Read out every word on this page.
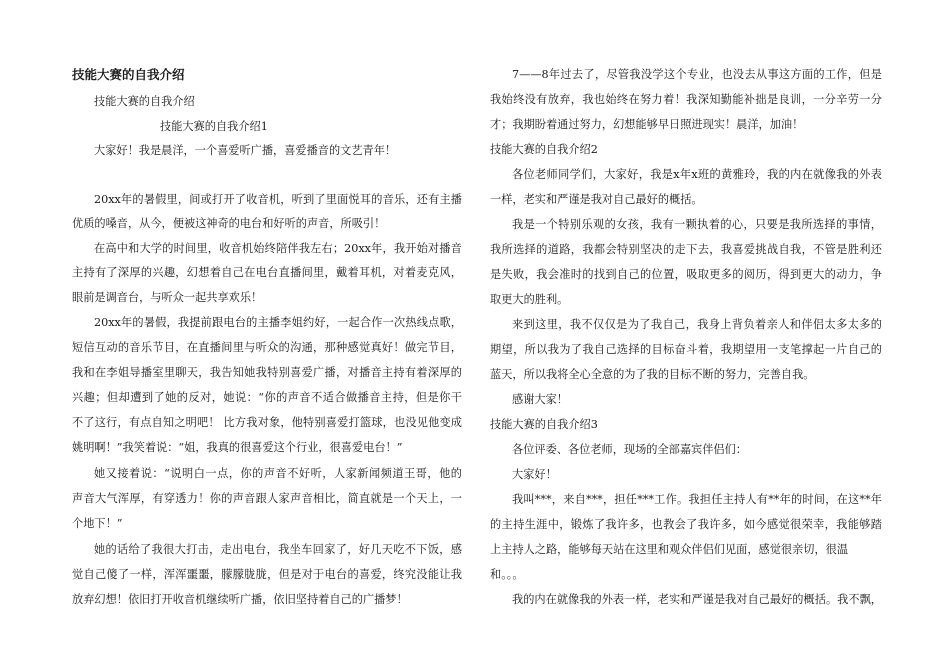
技能大赛的自我介绍
技能大赛的自我介绍
技能大赛的自我介绍1
大家好！我是晨洋，一个喜爱听广播，喜爱播音的文艺青年！
20xx年的暑假里，间或打开了收音机，听到了里面悦耳的音乐，还有主播
优质的嗓音，从今，便被这神奇的电台和好听的声音，所吸引！
在高中和大学的时间里，收音机始终陪伴我左右；20xx年，我开始对播音
主持有了深厚的兴趣，幻想着自己在电台直播间里，戴着耳机，对着麦克风，
眼前是调音台，与听众一起共享欢乐！
20xx年的暑假，我提前跟电台的主播李姐约好，一起合作一次热线点歌，
短信互动的音乐节目，在直播间里与听众的沟通，那种感觉真好！做完节目，
我和在李姐导播室里聊天，我告知她我特别喜爱广播，对播音主持有着深厚的
兴趣；但却遭到了她的反对，她说：“你的声音不适合做播音主持，但是你干
不了这行，有点自知之明吧！ 比方我对象，他特别喜爱打篮球，也没见他变成
姚明啊！”我笑着说：“姐，我真的很喜爱这个行业，很喜爱电台！”
她又接着说：“说明白一点，你的声音不好听，人家新闻频道王哥，他的
声音大气浑厚，有穿透力！你的声音跟人家声音相比，简直就是一个天上，一
个地下！”
她的话给了我很大打击，走出电台，我坐车回家了，好几天吃不下饭，感
觉自己傻了一样，浑浑噩噩，朦朦胧胧，但是对于电台的喜爱，终究没能让我
放弃幻想！依旧打开收音机继续听广播，依旧坚持着自己的广播梦！
7——8年过去了，尽管我没学这个专业，也没去从事这方面的工作，但是
我始终没有放弃，我也始终在努力着！我深知勤能补拙是良训，一分辛劳一分
才；我期盼着通过努力，幻想能够早日照进现实！晨洋，加油！
技能大赛的自我介绍2
各位老师同学们，大家好，我是x年x班的黄雅玲，我的内在就像我的外表
一样，老实和严谨是我对自己最好的概括。
我是一个特别乐观的女孩，我有一颗执着的心，只要是我所选择的事情，
我所选择的道路，我都会特别坚决的走下去，我喜爱挑战自我，不管是胜利还
是失败，我会准时的找到自己的位置，吸取更多的阅历，得到更大的动力，争
取更大的胜利。
来到这里，我不仅仅是为了我自己，我身上背负着亲人和伴侣太多太多的
期望，所以我为了我自己选择的目标奋斗着，我期望用一支笔撑起一片自己的
蓝天，所以我将全心全意的为了我的目标不断的努力，完善自我。
感谢大家！
技能大赛的自我介绍3
各位评委、各位老师，现场的全部嘉宾伴侣们：
大家好！
我叫***，来自***，担任***工作。我担任主持人有**年的时间，在这**年
的主持生涯中，锻炼了我许多，也教会了我许多，如今感觉很荣幸，我能够踏
上主持人之路，能够每天站在这里和观众伴侣们见面，感觉很亲切，很温
和。。。
我的内在就像我的外表一样，老实和严谨是我对自己最好的概括。我不飘，
